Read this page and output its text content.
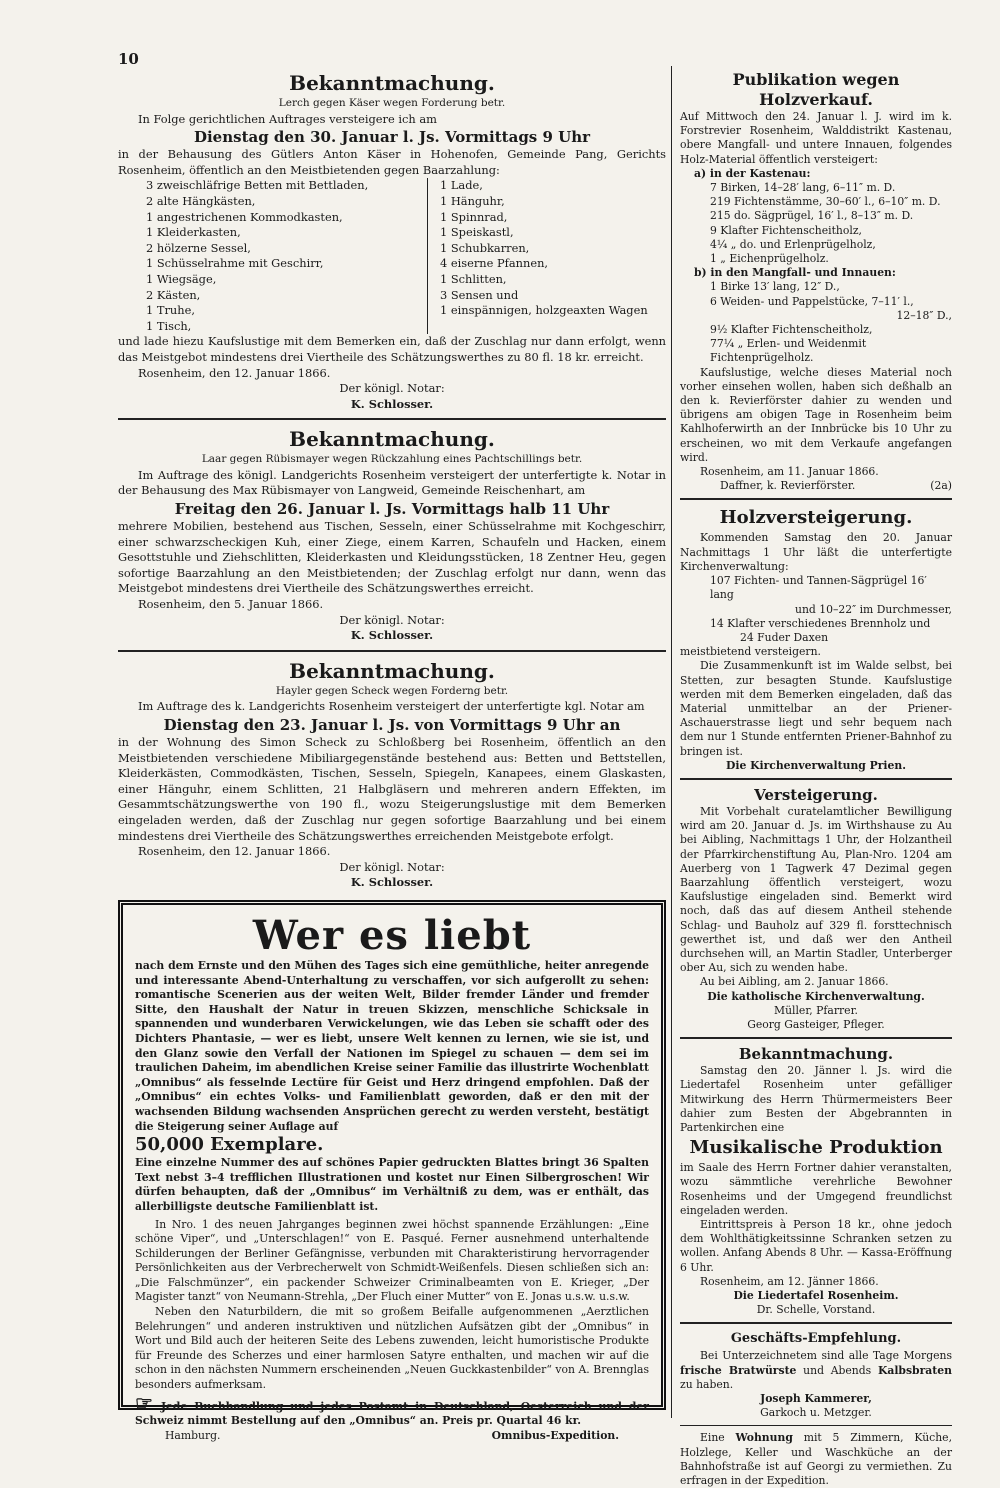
10
Bekanntmachung.

Lerch gegen Käser wegen Forderung betr.

In Folge gerichtlichen Auftrages versteigere ich am

Dienstag den 30. Januar l. Js. Vormittags 9 Uhr

in der Behausung des Gütlers Anton Käser in Hohenofen, Gemeinde Pang, Gerichts Rosenheim, öffentlich an den Meistbietenden gegen Baarzahlung:

3 zweischläfrige Betten mit Bettladen,
2 alte Hängkästen,
1 angestrichenen Kommodkasten,
1 Kleiderkasten,
2 hölzerne Sessel,
1 Schüsselrahme mit Geschirr,
1 Wiegsäge,
2 Kästen,
1 Truhe,
1 Tisch,
1 Lade,
1 Hänguhr,
1 Spinnrad,
1 Speiskastl,
1 Schubkarren,
4 eiserne Pfannen,
1 Schlitten,
3 Sensen und
1 einspännigen, holzgeaxten Wagen

und lade hiezu Kaufslustige mit dem Bemerken ein, daß der Zuschlag nur dann erfolgt, wenn das Meistgebot mindestens drei Viertheile des Schätzungswerthes zu 80 fl. 18 kr. erreicht.

Rosenheim, den 12. Januar 1866.

Der königl. Notar:

K. Schlosser.

Bekanntmachung.

Laar gegen Rübismayer wegen Rückzahlung eines Pachtschillings betr.

Im Auftrage des königl. Landgerichts Rosenheim versteigert der unterfertigte k. Notar in der Behausung des Max Rübismayer von Langweid, Gemeinde Reischenhart, am

Freitag den 26. Januar l. Js. Vormittags halb 11 Uhr

mehrere Mobilien, bestehend aus Tischen, Sesseln, einer Schüsselrahme mit Kochgeschirr, einer schwarzscheckigen Kuh, einer Ziege, einem Karren, Schaufeln und Hacken, einem Gesottstuhle und Ziehschlitten, Kleiderkasten und Kleidungsstücken, 18 Zentner Heu, gegen sofortige Baarzahlung an den Meistbietenden; der Zuschlag erfolgt nur dann, wenn das Meistgebot mindestens drei Viertheile des Schätzungswerthes erreicht.

Rosenheim, den 5. Januar 1866.

Der königl. Notar:

K. Schlosser.

Bekanntmachung.

Hayler gegen Scheck wegen Forderng betr.

Im Auftrage des k. Landgerichts Rosenheim versteigert der unterfertigte kgl. Notar am

Dienstag den 23. Januar l. Js. von Vormittags 9 Uhr an

in der Wohnung des Simon Scheck zu Schloßberg bei Rosenheim, öffentlich an den Meistbietenden verschiedene Mibiliargegenstände bestehend aus: Betten und Bettstellen, Kleiderkästen, Commodkästen, Tischen, Sesseln, Spiegeln, Kanapees, einem Glaskasten, einer Hänguhr, einem Schlitten, 21 Halbgläsern und mehreren andern Effekten, im Gesammtschätzungswerthe von 190 fl., wozu Steigerungslustige mit dem Bemerken eingeladen werden, daß der Zuschlag nur gegen sofortige Baarzahlung und bei einem mindestens drei Viertheile des Schätzungswerthes erreichenden Meistgebote erfolgt.

Rosenheim, den 12. Januar 1866.

Der königl. Notar:

K. Schlosser.

Wer es liebt

nach dem Ernste und den Mühen des Tages sich eine gemüthliche, heiter anregende und interessante Abend-Unterhaltung zu verschaffen, vor sich aufgerollt zu sehen: romantische Scenerien aus der weiten Welt, Bilder fremder Länder und fremder Sitte, den Haushalt der Natur in treuen Skizzen, menschliche Schicksale in spannenden und wunderbaren Verwickelungen, wie das Leben sie schafft oder des Dichters Phantasie, — wer es liebt, unsere Welt kennen zu lernen, wie sie ist, und den Glanz sowie den Verfall der Nationen im Spiegel zu schauen — dem sei im traulichen Daheim, im abendlichen Kreise seiner Familie das illustrirte Wochenblatt „Omnibus“ als fesselnde Lectüre für Geist und Herz dringend empfohlen. Daß der „Omnibus“ ein echtes Volks- und Familienblatt geworden, daß er den mit der wachsenden Bildung wachsenden Ansprüchen gerecht zu werden versteht, bestätigt die Steigerung seiner Auflage auf

50,000 Exemplare.

Eine einzelne Nummer des auf schönes Papier gedruckten Blattes bringt 36 Spalten Text nebst 3–4 trefflichen Illustrationen und kostet nur Einen Silbergroschen! Wir dürfen behaupten, daß der „Omnibus“ im Verhältniß zu dem, was er enthält, das allerbilligste deutsche Familienblatt ist.

In Nro. 1 des neuen Jahrganges beginnen zwei höchst spannende Erzählungen: „Eine schöne Viper“, und „Unterschlagen!“ von E. Pasqué. Ferner ausnehmend unterhaltende Schilderungen der Berliner Gefängnisse, verbunden mit Charakteristirung hervorragender Persönlichkeiten aus der Verbrecherwelt von Schmidt-Weißenfels. Diesen schließen sich an: „Die Falschmünzer“, ein packender Schweizer Criminalbeamten von E. Krieger, „Der Magister tanzt“ von Neumann-Strehla, „Der Fluch einer Mutter“ von E. Jonas u.s.w. u.s.w.

Neben den Naturbildern, die mit so großem Beifalle aufgenommenen „Aerztlichen Belehrungen“ und anderen instruktiven und nützlichen Aufsätzen gibt der „Omnibus“ in Wort und Bild auch der heiteren Seite des Lebens zuwenden, leicht humoristische Produkte für Freunde des Scherzes und einer harmlosen Satyre enthalten, und machen wir auf die schon in den nächsten Nummern erscheinenden „Neuen Guckkastenbilder“ von A. Brennglas besonders aufmerksam.

☞ Jede Buchhandlung und jedes Postamt in Deutschland, Oesterreich und der Schweiz nimmt Bestellung auf den „Omnibus“ an. Preis pr. Quartal 46 kr.

Hamburg.	Omnibus-Expedition.
Publikation wegen Holzverkauf.

Auf Mittwoch den 24. Januar l. J. wird im k. Forstrevier Rosenheim, Walddistrikt Kastenau, obere Mangfall- und untere Innauen, folgendes Holz-Material öffentlich versteigert:

a) in der Kastenau:

7 Birken, 14–28′ lang, 6–11″ m. D.
219 Fichtenstämme, 30–60′ l., 6–10″ m. D.
215 do. Sägprügel, 16′ l., 8–13″ m. D.
9 Klafter Fichtenscheitholz,
4¼ „ do. und Erlenprügelholz,
1 „ Eichenprügelholz.

b) in den Mangfall- und Innauen:

1 Birke 13′ lang, 12″ D.,
6 Weiden- und Pappelstücke, 7–11′ l.,
12–18″ D.,
9½ Klafter Fichtenscheitholz,
77¼ „ Erlen- und Weidenmit Fichtenprügelholz.

Kaufslustige, welche dieses Material noch vorher einsehen wollen, haben sich deßhalb an den k. Revierförster dahier zu wenden und übrigens am obigen Tage in Rosenheim beim Kahlhoferwirth an der Innbrücke bis 10 Uhr zu erscheinen, wo mit dem Verkaufe angefangen wird.

Rosenheim, am 11. Januar 1866.

Daffner, k. Revierförster.	(2a)

Holzversteigerung.

Kommenden Samstag den 20. Januar Nachmittags 1 Uhr läßt die unterfertigte Kirchenverwaltung:

107 Fichten- und Tannen-Sägprügel 16′ lang

und 10–22″ im Durchmesser,

14 Klafter verschiedenes Brennholz und

24 Fuder Daxen

meistbietend versteigern.

Die Zusammenkunft ist im Walde selbst, bei Stetten, zur besagten Stunde. Kaufslustige werden mit dem Bemerken eingeladen, daß das Material unmittelbar an der Priener-Aschauerstrasse liegt und sehr bequem nach dem nur 1 Stunde entfernten Priener-Bahnhof zu bringen ist.

Die Kirchenverwaltung Prien.

Versteigerung.

Mit Vorbehalt curatelamtlicher Bewilligung wird am 20. Januar d. Js. im Wirthshause zu Au bei Aibling, Nachmittags 1 Uhr, der Holzantheil der Pfarrkirchenstiftung Au, Plan-Nro. 1204 am Auerberg von 1 Tagwerk 47 Dezimal gegen Baarzahlung öffentlich versteigert, wozu Kaufslustige eingeladen sind. Bemerkt wird noch, daß das auf diesem Antheil stehende Schlag- und Bauholz auf 329 fl. forsttechnisch gewerthet ist, und daß wer den Antheil durchsehen will, an Martin Stadler, Unterberger ober Au, sich zu wenden habe.

Au bei Aibling, am 2. Januar 1866.

Die katholische Kirchenverwaltung.

Müller, Pfarrer.

Georg Gasteiger, Pfleger.

Bekanntmachung.

Samstag den 20. Jänner l. Js. wird die Liedertafel Rosenheim unter gefälliger Mitwirkung des Herrn Thürmermeisters Beer dahier zum Besten der Abgebrannten in Partenkirchen eine

Musikalische Produktion

im Saale des Herrn Fortner dahier veranstalten, wozu sämmtliche verehrliche Bewohner Rosenheims und der Umgegend freundlichst eingeladen werden.

Eintrittspreis à Person 18 kr., ohne jedoch dem Wohlthätigkeitssinne Schranken setzen zu wollen. Anfang Abends 8 Uhr. — Kassa-Eröffnung 6 Uhr.

Rosenheim, am 12. Jänner 1866.

Die Liedertafel Rosenheim.

Dr. Schelle, Vorstand.

Geschäfts-Empfehlung.

Bei Unterzeichnetem sind alle Tage Morgens frische Bratwürste und Abends Kalbsbraten zu haben.

Joseph Kammerer,

Garkoch u. Metzger.

Eine Wohnung mit 5 Zimmern, Küche, Holzlege, Keller und Waschküche an der Bahnhofstraße ist auf Georgi zu vermiethen. Zu erfragen in der Expedition.
